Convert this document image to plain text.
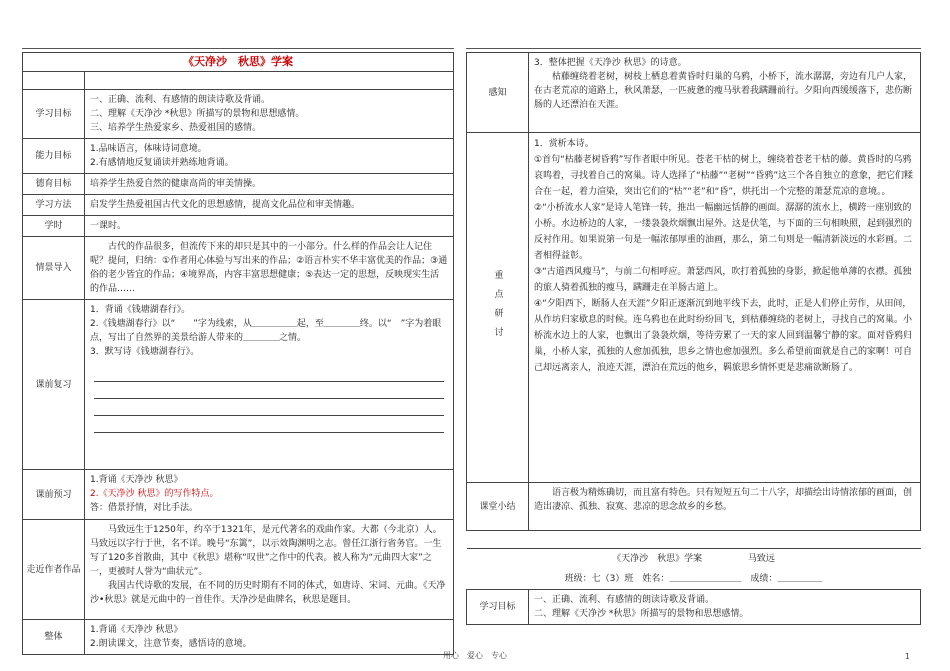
《天净沙　秋思》学案	

学习目标	一、正确、流利、有感情的朗读诗歌及背诵。
二、理解《天净沙 *秋思》所描写的景物和思想感情。
三、培养学生热爱家乡、热爱祖国的感情。

能力目标	1.品味语言，体味诗词意境。
2.有感情地反复诵读并熟练地背诵。

德育目标	培养学生热爱自然的健康高尚的审美情操。
学习方法	启发学生热爱祖国古代文化的思想感情，提高文化品位和审美情趣。
学时	一课时。
情景导入	古代的作品很多，但流传下来的却只是其中的一小部分。什么样的作品会让人记住呢？提问，归纳：①作者用心体验与写出来的作品；②语言朴实不华丰富优美的作品；③通俗的老少皆宜的作品；④境界高，内容丰富思想健康；⑤表达一定的思想，反映现实生活的作品……
课前复习	1．背诵《钱塘湖春行》。
2.《钱塘湖春行》以“　　”字为线索，从＿＿＿＿＿起，至＿＿＿＿终。以“　”字为着眼点，写出了自然界的美景给游人带来的＿＿＿＿之情。
3．默写诗《钱塘湖春行》。

课前预习	1.背诵《天净沙 秋思》
2.《天净沙 秋思》的写作特点。
答：借景抒情，对比手法。

走近作者作品	马致远生于1250年，约卒于1321年，是元代著名的戏曲作家。大都（今北京）人。马致远以字行于世，名不详。晚号“东篱”，以示效陶渊明之志。曾任江浙行省务官。一生写了120多首散曲，其中《秋思》堪称“叹世”之作中的代表。被人称为“元曲四大家”之一，更被时人誉为“曲状元”。
我国古代诗歌的发展，在不同的历史时期有不同的体式，如唐诗、宋词、元曲。《天净沙•秋思》就是元曲中的一首佳作。天净沙是曲牌名，秋思是题目。

整体	1.背诵《天净沙 秋思》
2.朗读课文，注意节奏，感悟诗的意境。
感知	3．整体把握《天净沙 秋思》的诗意。
枯藤缠绕着老树，树枝上栖息着黄昏时归巢的乌鸦，小桥下，流水潺潺，旁边有几户人家，在古老荒凉的道路上，秋风萧瑟，一匹疲惫的瘦马驮着我蹒跚前行。夕阳向西缓缓落下，悲伤断肠的人还漂泊在天涯。

重点研讨	1．赏析本诗。
①首句“枯藤老树昏鸦”写作者眼中所见。苍老干枯的树上，缠绕着苍老干枯的藤。黄昏时的乌鸦哀鸣着，寻找着自己的窝巢。诗人选择了“枯藤”“老树”“昏鸦”这三个各自独立的意象，把它们糅合在一起，着力渲染，突出它们的“枯”“老”和“昏”，烘托出一个完整的萧瑟荒凉的意境。。
②“小桥流水人家”是诗人笔锋一转，推出一幅幽远恬静的画面。潺潺的流水上，横跨一座别致的小桥。水边桥边的人家，一缕袅袅炊烟飘出屋外。这是伏笔，与下面的三句相映照，起到强烈的反衬作用。如果说第一句是一幅浓郁厚重的油画，那么，第二句则是一幅清新淡远的水彩画。二者相得益彰。
③“古道西风瘦马”，与前二句相呼应。萧瑟西风，吹打着孤独的身影，掀起他单薄的衣襟。孤独的旅人骑着孤独的瘦马，蹒跚走在羊肠古道上。
④“夕阳西下，断肠人在天涯”夕阳正逐渐沉到地平线下去，此时，正是人们停止劳作，从田间，从作坊归家歇息的时候。连乌鸦也在此时纷纷回飞，到枯藤缠绕的老树上，寻找自己的窝巢。小桥流水边上的人家，也飘出了袅袅炊烟，等待劳累了一天的家人回到温馨宁静的家。面对昏鸦归巢，小桥人家，孤独的人愈加孤独，思乡之情也愈加强烈。多么希望前面就是自己的家啊！可自己却远离亲人，浪迹天涯，漂泊在荒远的他乡，羁旅思乡情怀更是悲痛欲断肠了。

课堂小结	语言极为精炼确切，而且富有特色。只有短短五句二十八字，却描绘出诗情浓郁的画面，创造出凄凉、孤独、寂寞、悲凉的思念故乡的乡愁。
《天净沙　秋思》学案	马致远
班级：七（3）班　姓名：＿＿＿＿＿＿＿＿　成绩：＿＿＿＿＿
学习目标	
一、正确、流利、有感情的朗读诗歌及背诵。
二、理解《天净沙 *秋思》所描写的景物和思想感情。
用心　爱心　专心	1
